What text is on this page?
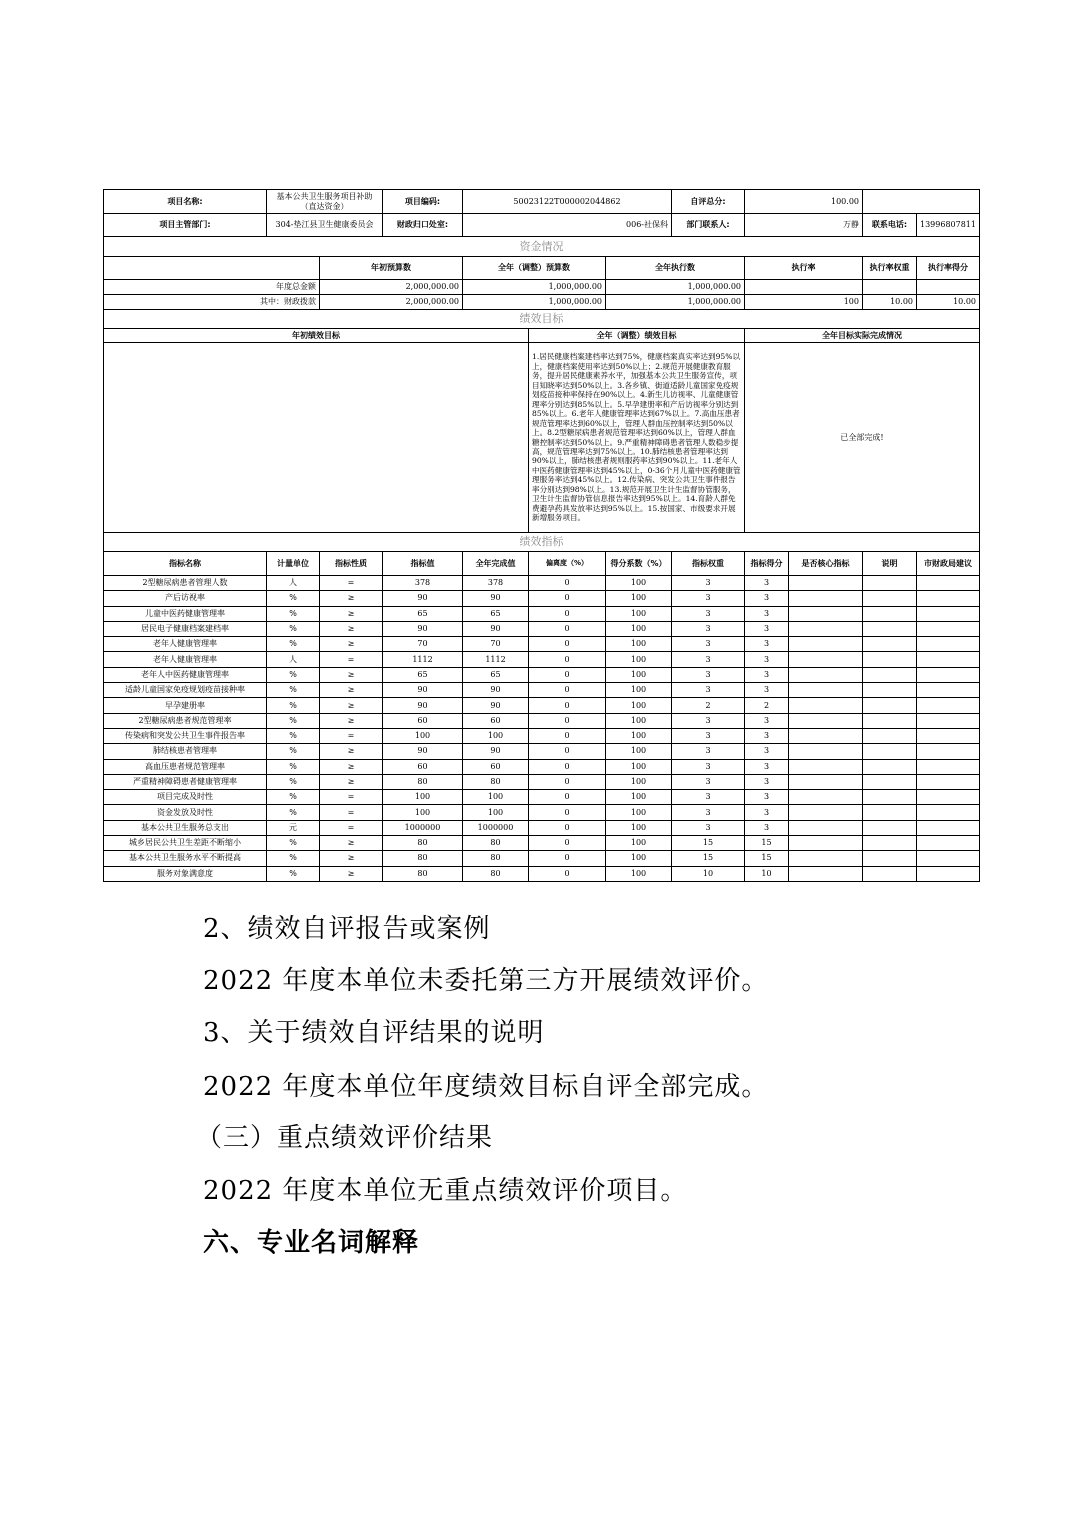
项目名称:	基本公共卫生服务项目补助（直达资金）		项目编码:	50023122T000002044862			自评总分:	100.00			
项目主管部门:	304-垫江县卫生健康委员会		财政归口处室:	006-社保科			部门联系人:	万静		联系电话:	13996807811
资金情况											
		年初预算数		全年（调整）预算数		全年执行数		执行率		执行率权重	执行率得分
年度总金额		2,000,000.00		1,000,000.00		1,000,000.00					
其中：财政拨款		2,000,000.00		1,000,000.00		1,000,000.00		100		10.00	10.00
绩效目标											
年初绩效目标					全年（调整）绩效目标			全年目标实际完成情况			
					1.居民健康档案建档率达到75%，健康档案真实率达到95%以上，健康档案使用率达到50%以上；2.规范开展健康教育服务，提升居民健康素养水平，加强基本公共卫生服务宣传，项目知晓率达到50%以上。3.各乡镇、街道适龄儿童国家免疫规划疫苗接种率保持在90%以上。4.新生儿访视率、儿童健康管理率分别达到85%以上。5.早孕建册率和产后访视率分别达到85%以上。6.老年人健康管理率达到67%以上。7.高血压患者规范管理率达到60%以上，管理人群血压控制率达到50%以上。8.2型糖尿病患者规范管理率达到60%以上，管理人群血糖控制率达到50%以上。9.严重精神障碍患者管理人数稳步提高，规范管理率达到75%以上。10.肺结核患者管理率达到90%以上，肺结核患者规则服药率达到90%以上。11.老年人中医药健康管理率达到45%以上，0-36个月儿童中医药健康管理服务率达到45%以上。12.传染病、突发公共卫生事件报告率分别达到98%以上。13.规范开展卫生计生监督协管服务，卫生计生监督协管信息报告率达到95%以上。14.育龄人群免费避孕药具发放率达到95%以上。15.按国家、市级要求开展新增服务项目。			已全部完成!			
绩效指标											
指标名称	计量单位	指标性质	指标值	全年完成值	偏离度（%）	得分系数（%）	指标权重	指标得分	是否核心指标	说明	市财政局建议
2型糖尿病患者管理人数	人	=	378	378	0	100	3	3			
产后访视率	%	≥	90	90	0	100	3	3			
儿童中医药健康管理率	%	≥	65	65	0	100	3	3			
居民电子健康档案建档率	%	≥	90	90	0	100	3	3			
老年人健康管理率	%	≥	70	70	0	100	3	3			
老年人健康管理率	人	=	1112	1112	0	100	3	3			
老年人中医药健康管理率	%	≥	65	65	0	100	3	3			
适龄儿童国家免疫规划疫苗接种率	%	≥	90	90	0	100	3	3			
早孕建册率	%	≥	90	90	0	100	2	2			
2型糖尿病患者规范管理率	%	≥	60	60	0	100	3	3			
传染病和突发公共卫生事件报告率	%	=	100	100	0	100	3	3			
肺结核患者管理率	%	≥	90	90	0	100	3	3			
高血压患者规范管理率	%	≥	60	60	0	100	3	3			
严重精神障碍患者健康管理率	%	≥	80	80	0	100	3	3			
项目完成及时性	%	=	100	100	0	100	3	3			
资金发放及时性	%	=	100	100	0	100	3	3			
基本公共卫生服务总支出	元	=	1000000	1000000	0	100	3	3			
城乡居民公共卫生差距不断缩小	%	≥	80	80	0	100	15	15			
基本公共卫生服务水平不断提高	%	≥	80	80	0	100	15	15			
服务对象满意度	%	≥	80	80	0	100	10	10			
2、绩效自评报告或案例
2022 年度本单位未委托第三方开展绩效评价。
3、关于绩效自评结果的说明
2022 年度本单位年度绩效目标自评全部完成。
（三）重点绩效评价结果
2022 年度本单位无重点绩效评价项目。
六、专业名词解释
